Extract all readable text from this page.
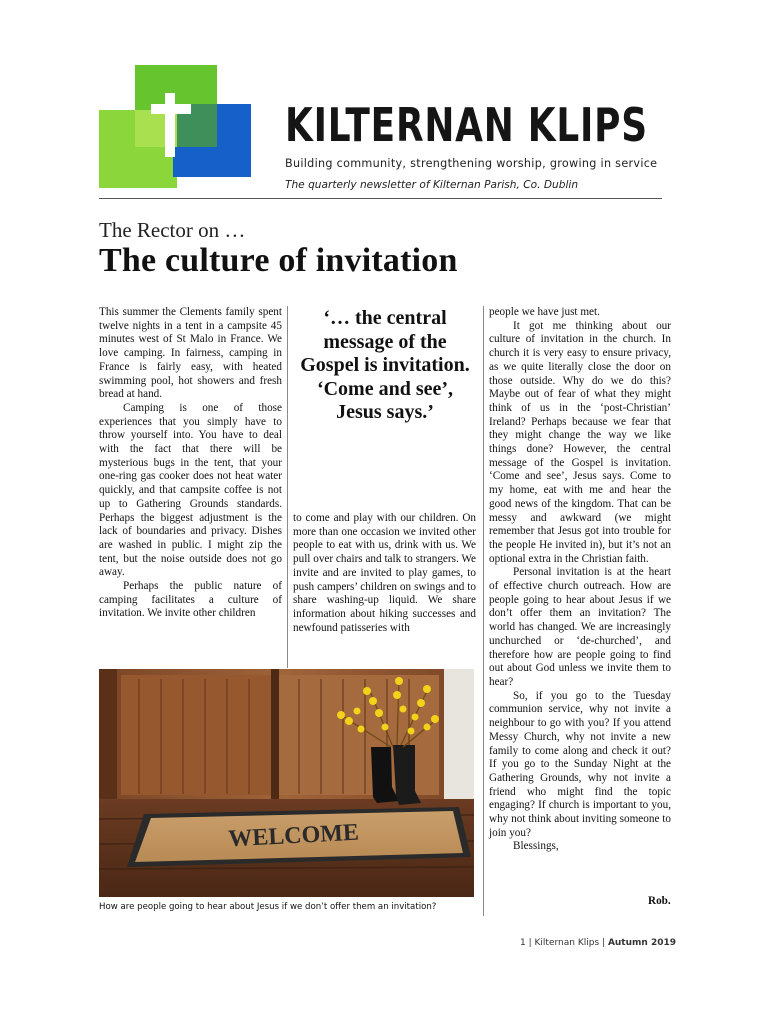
KILTERNAN KLIPS
Building community, strengthening worship, growing in service
The quarterly newsletter of Kilternan Parish, Co. Dublin
The Rector on …
The culture of invitation
This summer the Clements family spent twelve nights in a tent in a campsite 45 minutes west of St Malo in France. We love camping. In fairness, camping in France is fairly easy, with heated swimming pool, hot showers and fresh bread at hand.
Camping is one of those experiences that you simply have to throw yourself into. You have to deal with the fact that there will be mysterious bugs in the tent, that your one-ring gas cooker does not heat water quickly, and that campsite coffee is not up to Gathering Grounds standards. Perhaps the biggest adjustment is the lack of boundaries and privacy. Dishes are washed in public. I might zip the tent, but the noise outside does not go away.
Perhaps the public nature of camping facilitates a culture of invitation. We invite other children
‘… the central message of the Gospel is invitation. ‘Come and see’, Jesus says.’
to come and play with our children. On more than one occasion we invited other people to eat with us, drink with us. We pull over chairs and talk to strangers. We invite and are invited to play games, to push campers’ children on swings and to share washing-up liquid. We share information about hiking successes and newfound patisseries with
people we have just met.
It got me thinking about our culture of invitation in the church. In church it is very easy to ensure privacy, as we quite literally close the door on those outside. Why do we do this? Maybe out of fear of what they might think of us in the ‘post-Christian’ Ireland? Perhaps because we fear that they might change the way we like things done? However, the central message of the Gospel is invitation. ‘Come and see’, Jesus says. Come to my home, eat with me and hear the good news of the kingdom. That can be messy and awkward (we might remember that Jesus got into trouble for the people He invited in), but it’s not an optional extra in the Christian faith.
Personal invitation is at the heart of effective church outreach. How are people going to hear about Jesus if we don’t offer them an invitation? The world has changed. We are increasingly unchurched or ‘de-churched’, and therefore how are people going to find out about God unless we invite them to hear?
So, if you go to the Tuesday communion service, why not invite a neighbour to go with you? If you attend Messy Church, why not invite a new family to come along and check it out? If you go to the Sunday Night at the Gathering Grounds, why not invite a friend who might find the topic engaging? If church is important to you, why not think about inviting someone to join you?
Blessings,
Rob.
WELCOME
How are people going to hear about Jesus if we don’t offer them an invitation?
1 | Kilternan Klips | Autumn 2019
